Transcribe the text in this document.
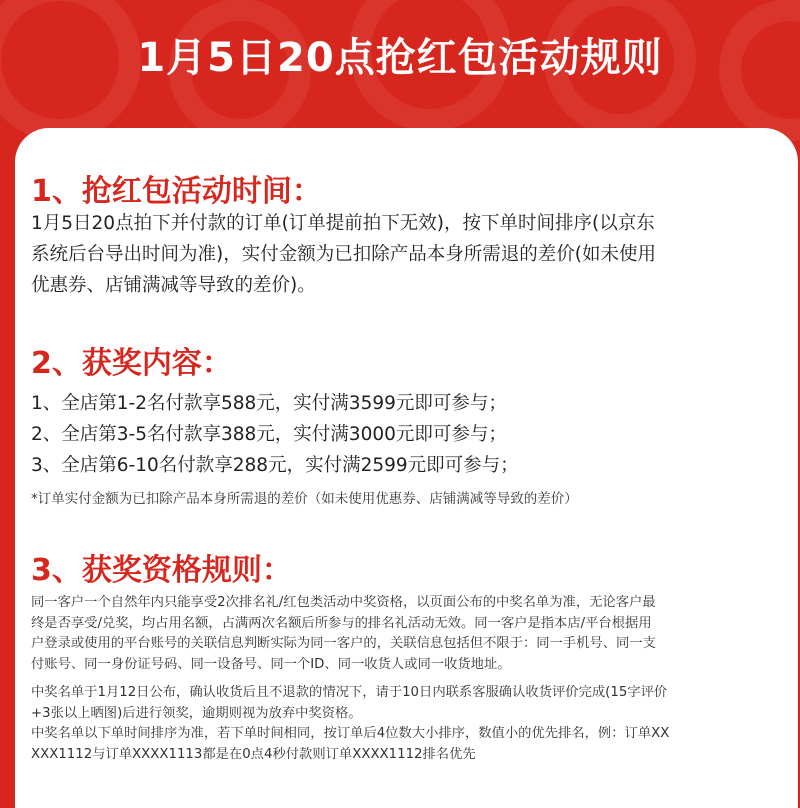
1月5日20点抢红包活动规则

1、抢红包活动时间：

1月5日20点拍下并付款的订单(订单提前拍下无效)，按下单时间排序(以京东

系统后台导出时间为准)，实付金额为已扣除产品本身所需退的差价(如未使用

优惠券、店铺满减等导致的差价)。

2、获奖内容：

1、全店第1-2名付款享588元，实付满3599元即可参与；

2、全店第3-5名付款享388元，实付满3000元即可参与；

3、全店第6-10名付款享288元，实付满2599元即可参与；

*订单实付金额为已扣除产品本身所需退的差价（如未使用优惠券、店铺满减等导致的差价）

3、获奖资格规则：

同一客户一个自然年内只能享受2次排名礼/红包类活动中奖资格，以页面公布的中奖名单为准，无论客户最

终是否享受/兑奖，均占用名额，占满两次名额后所参与的排名礼活动无效。同一客户是指本店/平台根据用

户登录或使用的平台账号的关联信息判断实际为同一客户的，关联信息包括但不限于：同一手机号、同一支

付账号、同一身份证号码、同一设备号、同一个ID、同一收货人或同一收货地址。

中奖名单于1月12日公布，确认收货后且不退款的情况下，请于10日内联系客服确认收货评价完成(15字评价

+3张以上晒图)后进行领奖，逾期则视为放弃中奖资格。

中奖名单以下单时间排序为准，若下单时间相同，按订单后4位数大小排序，数值小的优先排名，例：订单XX

XXX1112与订单XXXX1113都是在0点4秒付款则订单XXXX1112排名优先
